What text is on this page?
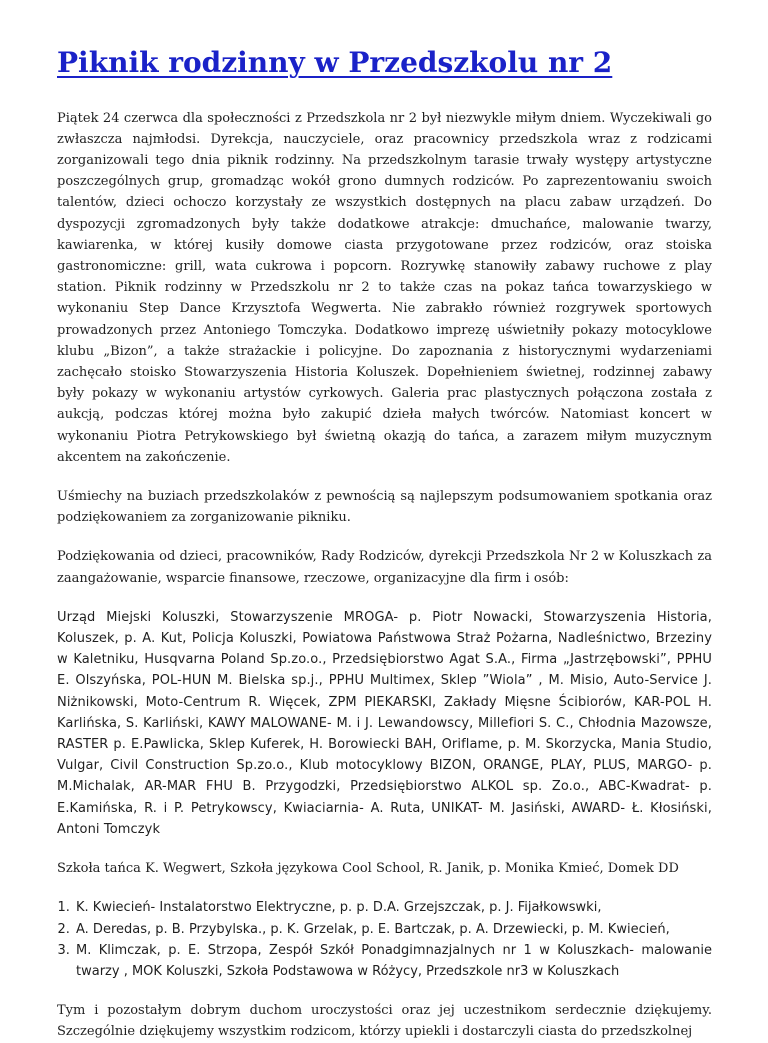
Piknik rodzinny w Przedszkolu nr 2

Piątek 24 czerwca dla społeczności z Przedszkola nr 2 był niezwykle miłym dniem. Wyczekiwali go zwłaszcza najmłodsi. Dyrekcja, nauczyciele, oraz pracownicy przedszkola wraz z rodzicami zorganizowali tego dnia piknik rodzinny. Na przedszkolnym tarasie trwały występy artystyczne poszczególnych grup, gromadząc wokół grono dumnych rodziców. Po zaprezentowaniu swoich talentów, dzieci ochoczo korzystały ze wszystkich dostępnych na placu zabaw urządzeń. Do dyspozycji zgromadzonych były także dodatkowe atrakcje: dmuchańce, malowanie twarzy, kawiarenka, w której kusiły domowe ciasta przygotowane przez rodziców, oraz stoiska gastronomiczne: grill, wata cukrowa i popcorn. Rozrywkę stanowiły zabawy ruchowe z play station. Piknik rodzinny w Przedszkolu nr 2 to także czas na pokaz tańca towarzyskiego w wykonaniu Step Dance Krzysztofa Wegwerta. Nie zabrakło również rozgrywek sportowych prowadzonych przez Antoniego Tomczyka. Dodatkowo imprezę uświetniły pokazy motocyklowe klubu „Bizon”, a także strażackie i policyjne. Do zapoznania z historycznymi wydarzeniami zachęcało stoisko Stowarzyszenia Historia Koluszek. Dopełnieniem świetnej, rodzinnej zabawy były pokazy w wykonaniu artystów cyrkowych. Galeria prac plastycznych połączona została z aukcją, podczas której można było zakupić dzieła małych twórców. Natomiast koncert w wykonaniu Piotra Petrykowskiego był świetną okazją do tańca, a zarazem miłym muzycznym akcentem na zakończenie.

Uśmiechy na buziach przedszkolaków z pewnością są najlepszym podsumowaniem spotkania oraz podziękowaniem za zorganizowanie pikniku.

Podziękowania od dzieci, pracowników, Rady Rodziców, dyrekcji Przedszkola Nr 2 w Koluszkach za zaangażowanie, wsparcie finansowe, rzeczowe, organizacyjne dla firm i osób:

Urząd Miejski Koluszki, Stowarzyszenie MROGA- p. Piotr Nowacki, Stowarzyszenia Historia, Koluszek, p. A. Kut, Policja Koluszki, Powiatowa Państwowa Straż Pożarna, Nadleśnictwo, Brzeziny w Kaletniku, Husqvarna Poland Sp.zo.o., Przedsiębiorstwo Agat S.A., Firma „Jastrzębowski”, PPHU E. Olszyńska, POL-HUN M. Bielska sp.j., PPHU Multimex, Sklep ”Wiola” , M. Misio, Auto-Service J. Niżnikowski, Moto-Centrum R. Więcek, ZPM PIEKARSKI, Zakłady Mięsne Ścibiorów, KAR-POL H. Karlińska, S. Karliński, KAWY MALOWANE- M. i J. Lewandowscy, Millefiori S. C., Chłodnia Mazowsze, RASTER p. E.Pawlicka, Sklep Kuferek, H. Borowiecki BAH, Oriflame, p. M. Skorzycka, Mania Studio, Vulgar, Civil Construction Sp.zo.o., Klub motocyklowy BIZON, ORANGE, PLAY, PLUS, MARGO- p. M.Michalak, AR-MAR FHU B. Przygodzki, Przedsiębiorstwo ALKOL sp. Zo.o., ABC-Kwadrat- p. E.Kamińska, R. i P. Petrykowscy, Kwiaciarnia- A. Ruta, UNIKAT- M. Jasiński, AWARD- Ł. Kłosiński, Antoni Tomczyk

Szkoła tańca K. Wegwert, Szkoła językowa Cool School, R. Janik, p. Monika Kmieć, Domek DD

1. K. Kwiecień- Instalatorstwo Elektryczne, p. p. D.A. Grzejszczak, p. J. Fijałkowswki,
2. A. Deredas, p. B. Przybylska., p. K. Grzelak, p. E. Bartczak, p. A. Drzewiecki, p. M. Kwiecień,
3. M. Klimczak, p. E. Strzopa, Zespół Szkół Ponadgimnazjalnych nr 1 w Koluszkach- malowanie twarzy , MOK Koluszki, Szkoła Podstawowa w Różycy, Przedszkole nr3 w Koluszkach

Tym i pozostałym dobrym duchom uroczystości oraz jej uczestnikom serdecznie dziękujemy. Szczególnie dziękujemy wszystkim rodzicom, którzy upiekli i dostarczyli ciasta do przedszkolnej
